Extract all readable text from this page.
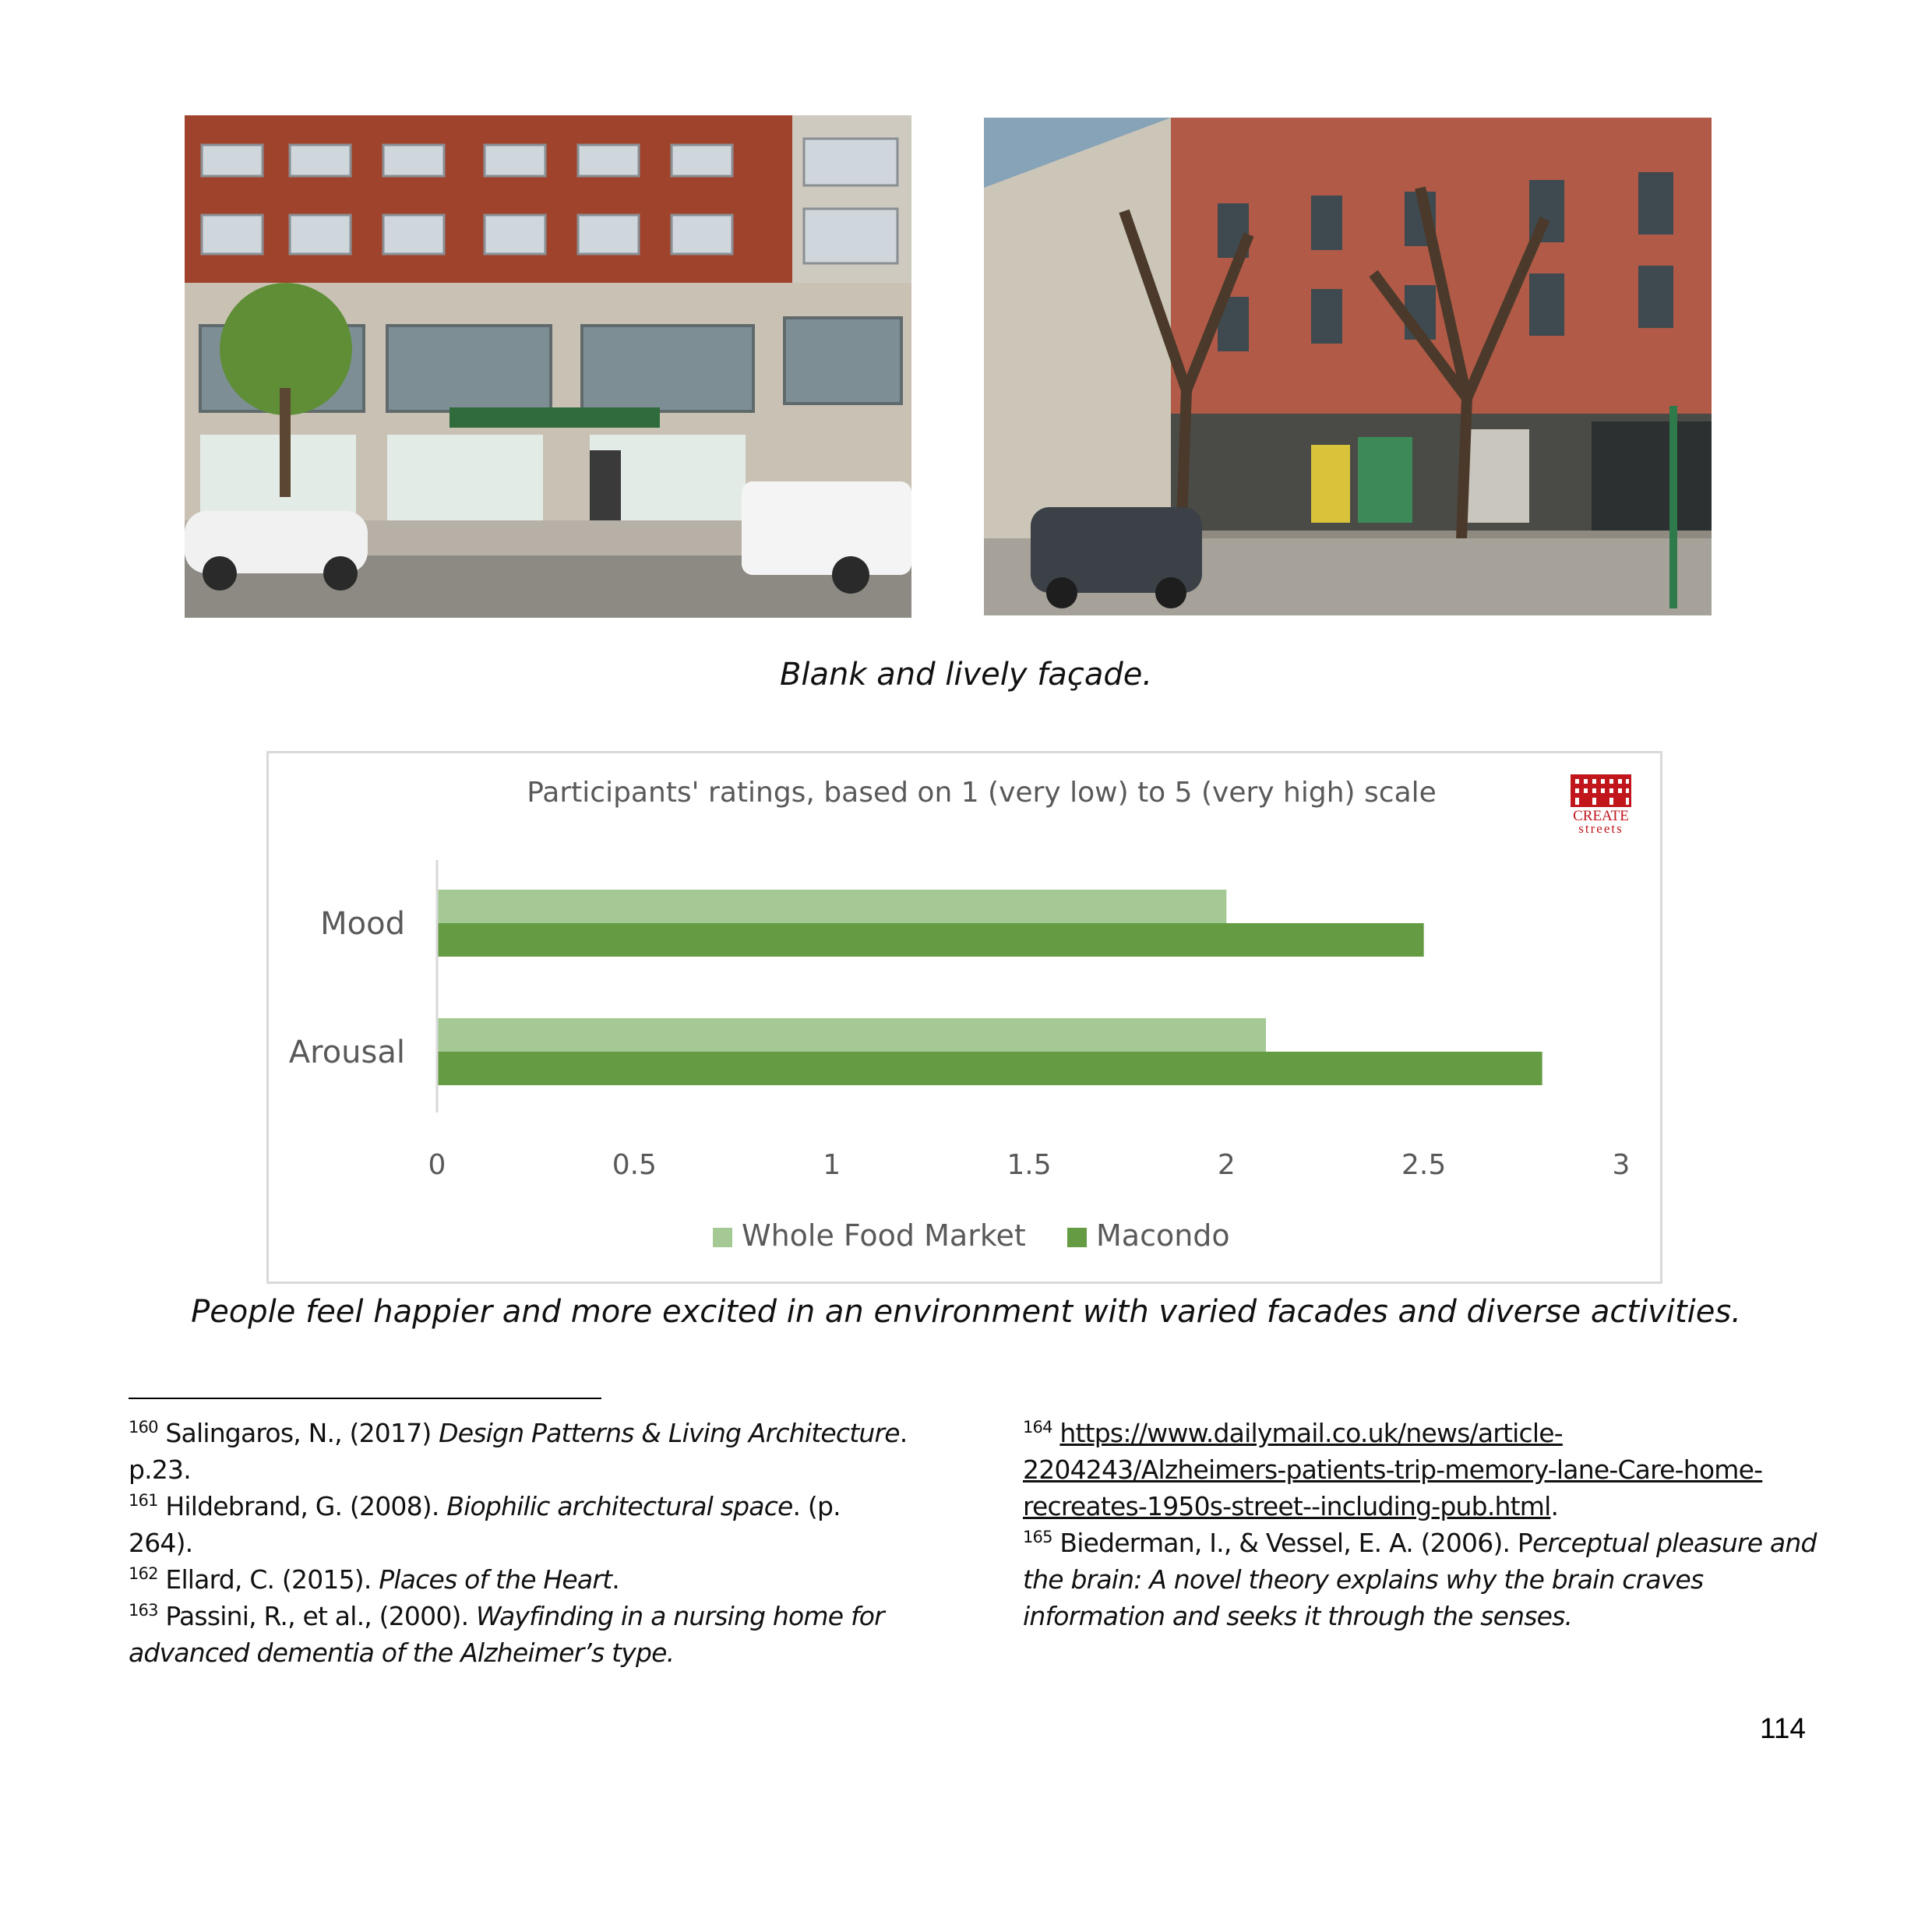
Blank and lively façade.
Participants' ratings, based on 1 (very low) to 5 (very high) scale
CREATE
streets
Mood
Arousal
0	0.5	1	1.5	2	2.5	3
Whole Food Market Macondo
People feel happier and more excited in an environment with varied facades and diverse activities.

$^{160}$ Salingaros, N., (2017) Design Patterns & Living Architecture.
p.23.

$^{161}$ Hildebrand, G. (2008). Biophilic architectural space. (p. 264).

$^{162}$ Ellard, C. (2015). Places of the Heart.

$^{163}$ Passini, R., et al., (2000). Wayfinding in a nursing home for
advanced dementia of the Alzheimer’s type.

$^{164}$ https://www.dailymail.co.uk/news/article-
2204243/Alzheimers-patients-trip-memory-lane-Care-home-
recreates-1950s-street--including-pub.html.

$^{165}$ Biederman, I., & Vessel, E. A. (2006). Perceptual pleasure and
the brain: A novel theory explains why the brain craves
information and seeks it through the senses.

114
